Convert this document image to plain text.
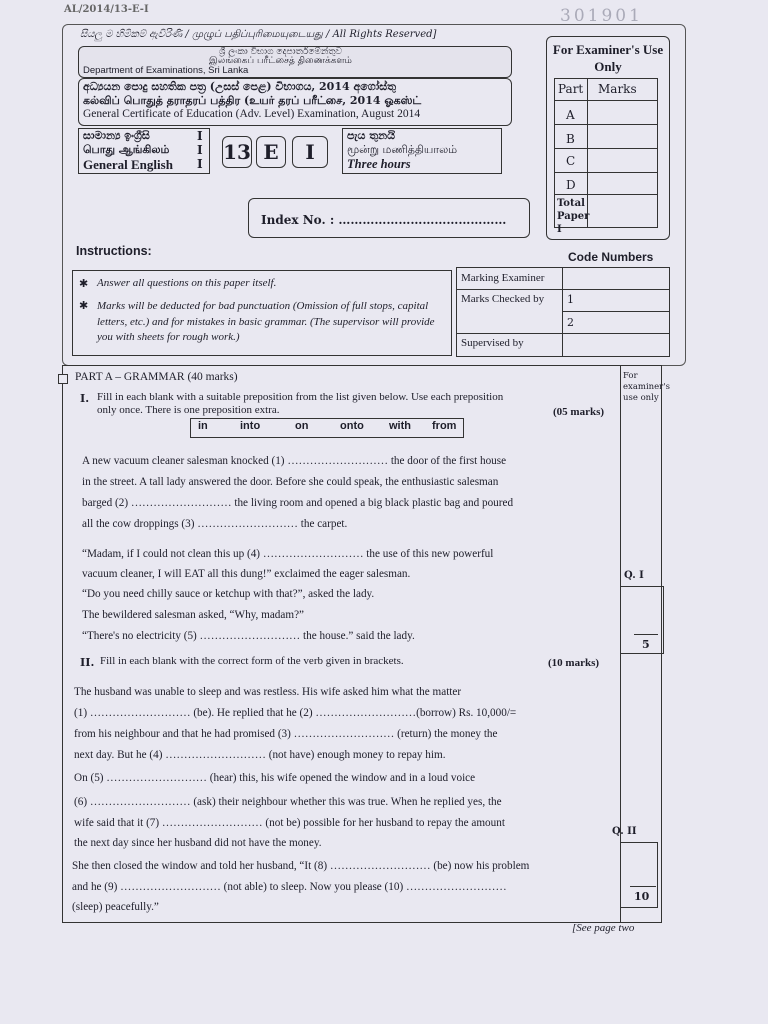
AL/2014/13-E-I	301901
සියලු ම හිමිකම් ඇවිරිණි / முழுப் பதிப்புரிமையுடையது / All Rights Reserved]
ශ්‍රී ලංකා විභාග දෙපාර්තමේන්තුව
இலங்கைப் பரீட்சைத் திணைக்களம்
Department of Examinations, Sri Lanka
අධ්‍යයන පොදු සහතික පත්‍ර (උසස් පෙළ) විභාගය, 2014 අගෝස්තු
கல்விப் பொதுத் தராதரப் பத்திர (உயர் தரப் பரீட்சை, 2014 ஓகஸ்ட்
General Certificate of Education (Adv. Level) Examination, August 2014
සාමාන්‍ය ඉංග්‍රීසි
பொது ஆங்கிலம்
General English
I
I
I 13 E	I
පැය තුනයි
மூன்று மணித்தியாலம்
Three hours
For Examiner's Use Only
Part Marks
A
B
C
D
Total Paper I
Index No. : ……………………………………
Instructions:
✱ Answer all questions on this paper itself.
✱ Marks will be deducted for bad punctuation (Omission of full stops, capital letters, etc.) and for mistakes in basic grammar. (The supervisor will provide you with sheets for rough work.)
Code Numbers
Marking Examiner
Marks Checked by 1
2
Supervised by
PART A – GRAMMAR (40 marks)	For examiner's use only
I. Fill in each blank with a suitable preposition from the list given below. Use each preposition
only once. There is one preposition extra.	(05 marks)
in	into	on	onto with from
A new vacuum cleaner salesman knocked (1) ……………………… the door of the first house
in the street. A tall lady answered the door. Before she could speak, the enthusiastic salesman
barged (2) ……………………… the living room and opened a big black plastic bag and poured
all the cow droppings (3) ……………………… the carpet.
“Madam, if I could not clean this up (4) ……………………… the use of this new powerful
vacuum cleaner, I will EAT all this dung!” exclaimed the eager salesman.
“Do you need chilly sauce or ketchup with that?”, asked the lady.
The bewildered salesman asked, “Why, madam?”
“There's no electricity (5) ……………………… the house.” said the lady.
Q. I
5
II. Fill in each blank with the correct form of the verb given in brackets.	(10 marks)
The husband was unable to sleep and was restless. His wife asked him what the matter
(1) ……………………… (be). He replied that he (2) ………………………(borrow) Rs. 10,000/=
from his neighbour and that he had promised (3) ……………………… (return) the money the
next day. But he (4) ……………………… (not have) enough money to repay him.
On (5) ……………………… (hear) this, his wife opened the window and in a loud voice
(6) ……………………… (ask) their neighbour whether this was true. When he replied yes, the
wife said that it (7) ……………………… (not be) possible for her husband to repay the amount
the next day since her husband did not have the money.
She then closed the window and told her husband, “It (8) ……………………… (be) now his problem
and he (9) ……………………… (not able) to sleep. Now you please (10) ………………………
(sleep) peacefully.”
Q. II
10
[See page two
